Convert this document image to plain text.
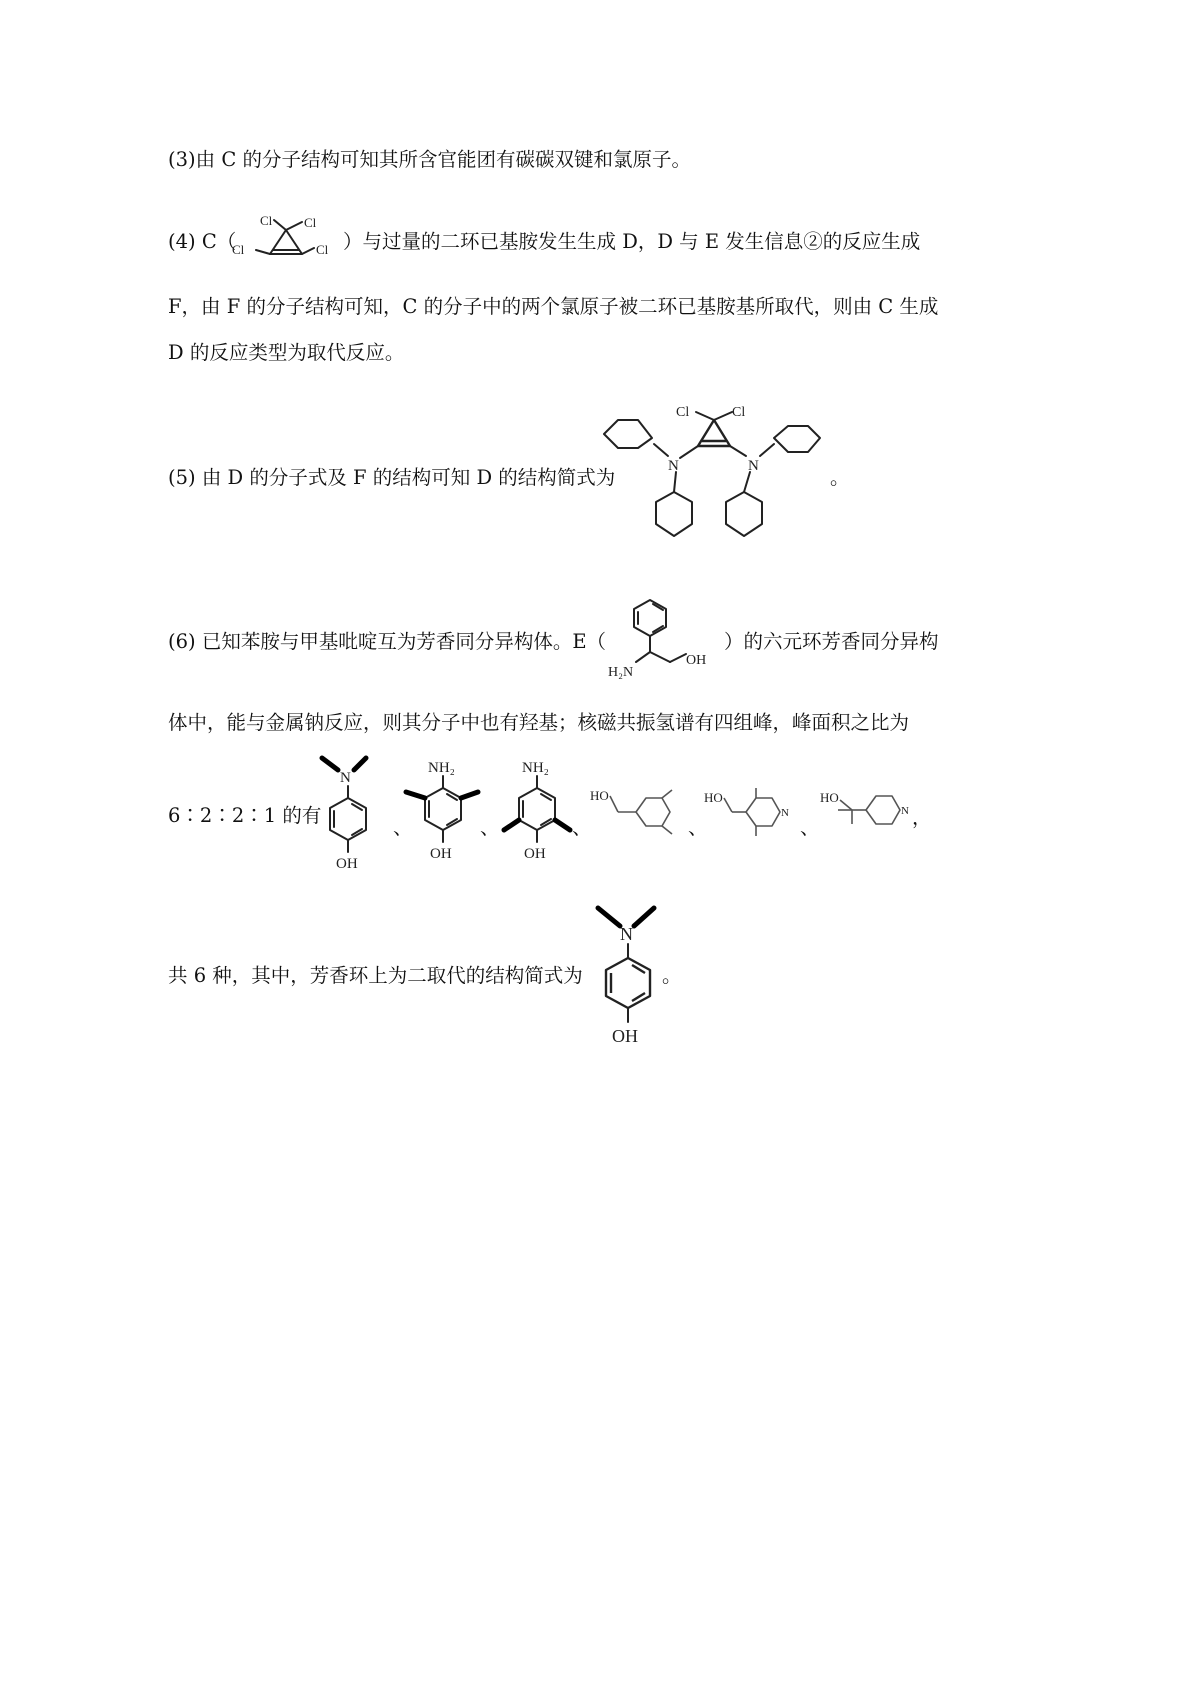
(3)由 C 的分子结构可知其所含官能团有碳碳双键和氯原子。
(4) C（
Cl Cl
Cl	Cl ）与过量的二环已基胺发生生成 D，D 与 E 发生信息②的反应生成
F，由 F 的分子结构可知，C 的分子中的两个氯原子被二环已基胺基所取代，则由 C 生成
D 的反应类型为取代反应。
(5) 由 D 的分子式及 F 的结构可知 D 的结构简式为
Cl	Cl
N	N	。
(6) 已知苯胺与甲基吡啶互为芳香同分异构体。E（
H₂N
OH
）的六元环芳香同分异构
体中，能与金属钠反应，则其分子中也有羟基；核磁共振氢谱有四组峰，峰面积之比为
6∶2∶2∶1 的有
N
OH
、
NH₂
OH
、
NH₂
OH
、
HO
、
HO
N
、
HO
N ，
共 6 种，其中，芳香环上为二取代的结构简式为
N
OH
。
